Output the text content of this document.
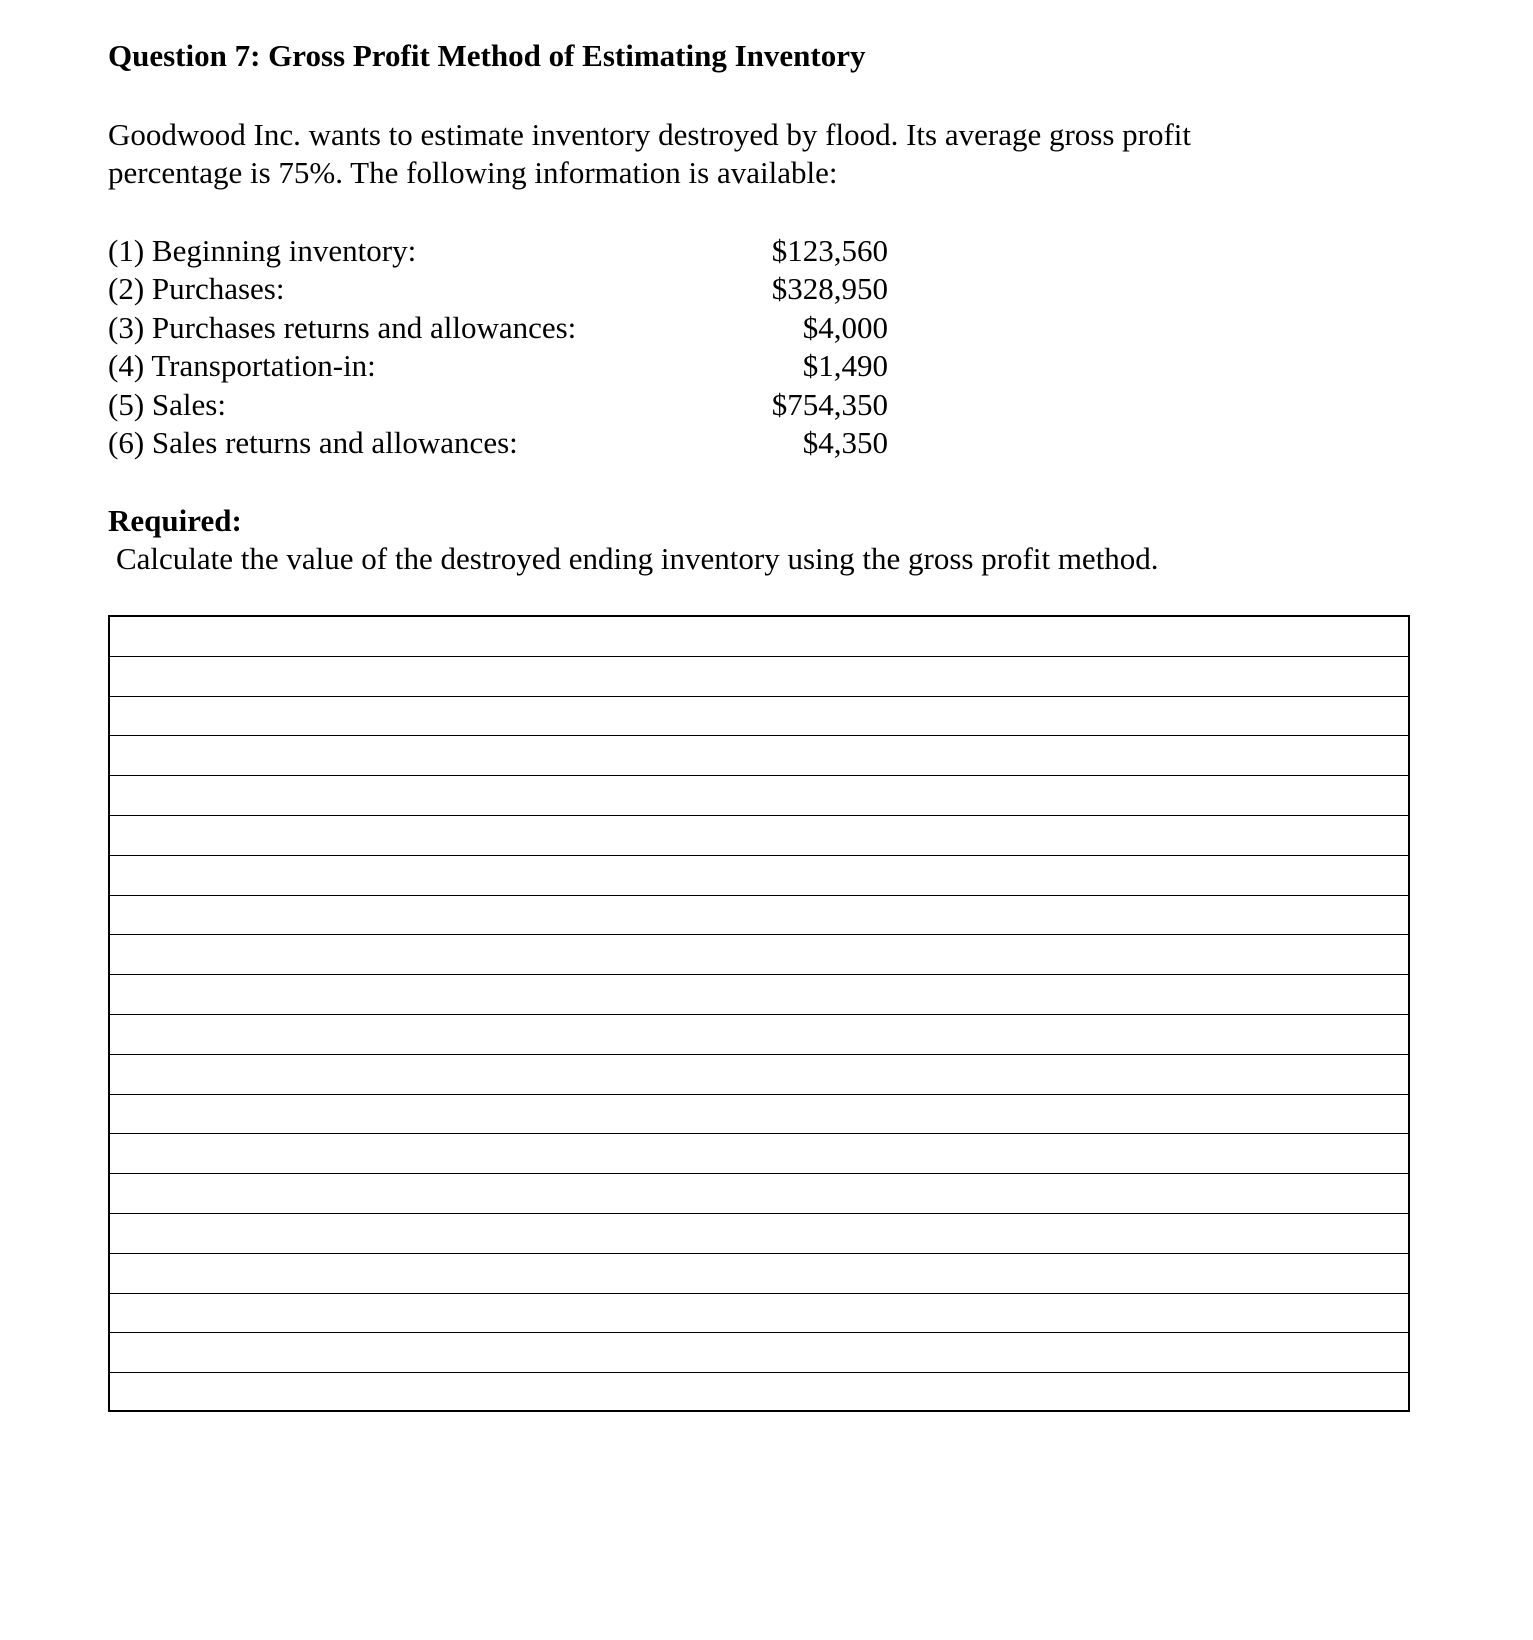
Question 7: Gross Profit Method of Estimating Inventory

Goodwood Inc. wants to estimate inventory destroyed by flood. Its average gross profit

percentage is 75%. The following information is available:

(1) Beginning inventory:	$123,560
(2) Purchases:	$328,950
(3) Purchases returns and allowances:	$4,000
(4) Transportation-in:	$1,490
(5) Sales:	$754,350
(6) Sales returns and allowances:	$4,350
Required:
Calculate the value of the destroyed ending inventory using the gross profit method.
